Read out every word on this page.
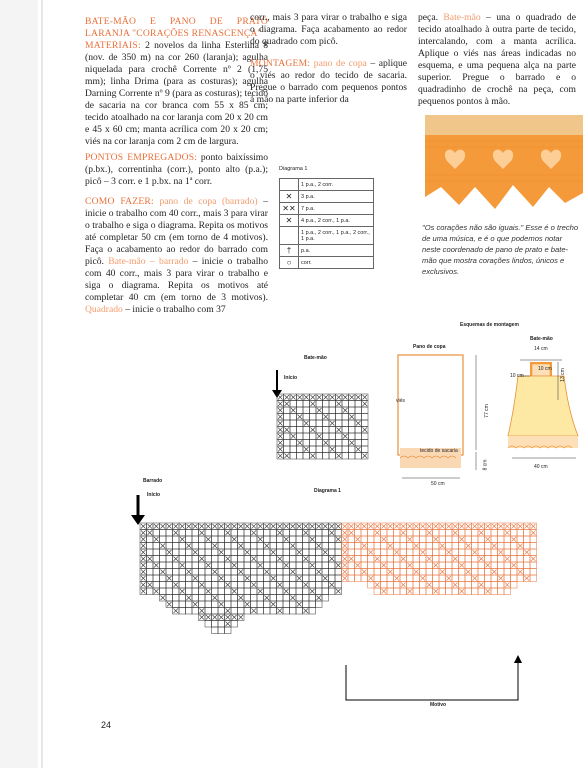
BATE-MÃO E PANO DE PRATO LARANJA "CORAÇÕES RENASCENÇA"
MATERIAIS: 2 novelos da linha Esterlina 8 (nov. de 350 m) na cor 260 (laranja); agulha niquelada para crochê Corrente nº 2 (1,75 mm); linha Drima (para as costuras); agulha Darning Corrente nº 9 (para as costuras); tecido de sacaria na cor branca com 55 x 85 cm; tecido atoalhado na cor laranja com 20 x 20 cm e 45 x 60 cm; manta acrílica com 20 x 20 cm; viés na cor laranja com 2 cm de largura.

PONTOS EMPREGADOS: ponto baixíssimo (p.bx.), correntinha (corr.), ponto alto (p.a.); picô – 3 corr. e 1 p.bx. na 1ª corr.

COMO FAZER: pano de copa (barrado) – inicie o trabalho com 40 corr., mais 3 para virar o trabalho e siga o diagrama. Repita os motivos até completar 50 cm (em torno de 4 motivos). Faça o acabamento ao redor do barrado com picô. Bate-mão – barrado – inicie o trabalho com 40 corr., mais 3 para virar o trabalho e siga o diagrama. Repita os motivos até completar 40 cm (em torno de 3 motivos). Quadrado – inicie o trabalho com 37

corr., mais 3 para virar o trabalho e siga o diagrama. Faça acabamento ao redor do quadrado com picô.

MONTAGEM: pano de copa – aplique o viés ao redor do tecido de sacaria. Pregue o barrado com pequenos pontos à mão na parte inferior da

peça. Bate-mão – una o quadrado de tecido atoalhado à outra parte de tecido, intercalando, com a manta acrílica. Aplique o viés nas áreas indicadas no esquema, e uma pequena alça na parte superior. Pregue o barrado e o quadradinho de crochê na peça, com pequenos pontos à mão.

"Os corações não são iguais." Esse é o trecho de uma música, e é o que podemos notar neste coordenado de pano de prato e bate-mão que mostra corações lindos, únicos e exclusivos.
Diagrama 1
	1 p.a., 2 corr.
✕	3 p.a.
✕✕	7 p.a.
✕	4 p.a., 2 corr., 1 p.a.
	1 p.a., 2 corr., 1 p.a., 2 corr., 1 p.a.
†	p.a.
○	corr.
Bate-mão
Início
Esquemas de montagem
Pano de copa
Bate-mão
viés
tecido de sacaria
77 cm
8 cm
50 cm
14 cm
10 cm
10 cm 13 cm
40 cm
Barrado
Início
Diagrama 1
Motivo
24
